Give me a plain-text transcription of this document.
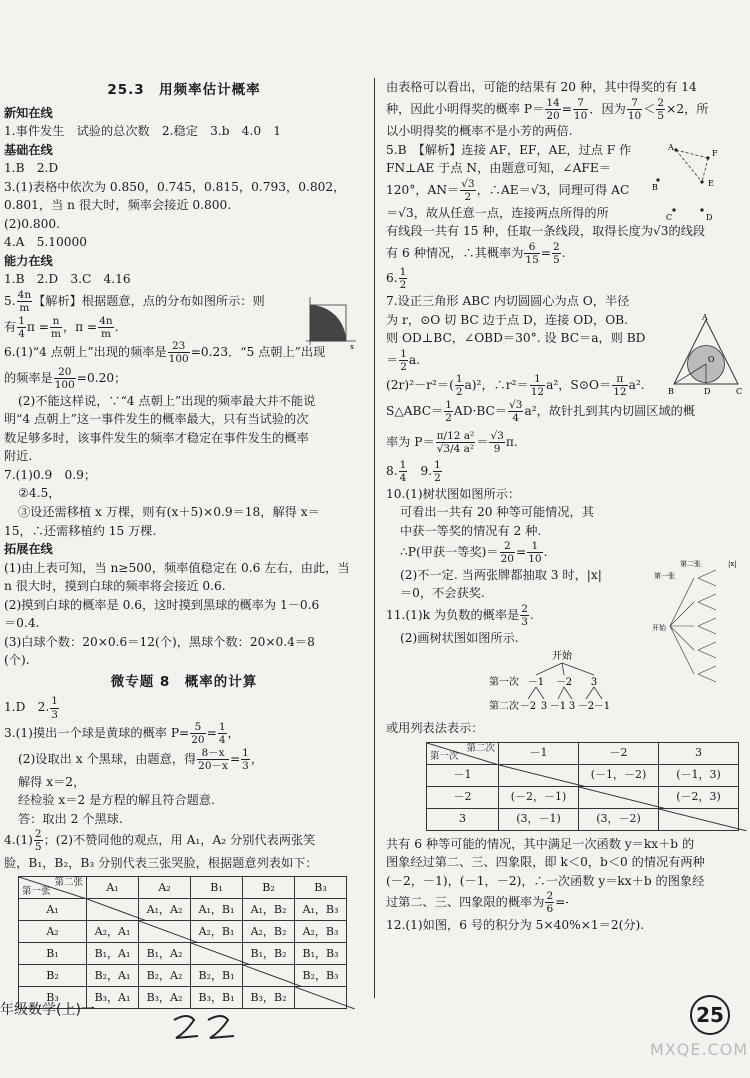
25.3　用频率估计概率
新知在线
1.事件发生　试验的总次数　2.稳定　3.b　4.0　1
基础在线
1.B　2.D
3.(1)表格中依次为 0.850，0.745，0.815，0.793，0.802，
0.801，当 n 很大时，频率会接近 0.800.
(2)0.800.
4.A　5.10000
能力在线
1.B　2.D　3.C　4.16
5. $\frac{4n}{m}$ 【解析】根据题意，点的分布如图所示：则
有 $\frac{1}{4}$ $\pi = \frac{n}{m}$ ，$\pi = \frac{4n}{m}$ .
6.(1)“4 点朝上”出现的频率是 $\frac{23}{100} =0.23$．“5 点朝上”出现
的频率是 $\frac{20}{100} =0.20$；
(2)不能这样说，∵“4 点朝上”出现的频率最大并不能说
明“4 点朝上”这一事件发生的概率最大，只有当试验的次
数足够多时，该事件发生的频率才稳定在事件发生的概率
附近.
7.(1)0.9　0.9；
②4.5，
③设还需移植 x 万棵，则有(x＋5)×0.9＝18，解得 x＝
15，∴还需移植约 15 万棵.
拓展在线
(1)由上表可知，当 n≥500，频率值稳定在 0.6 左右，由此，当
n 很大时，摸到白球的频率将会接近 0.6.
(2)摸到白球的概率是 0.6，这时摸到黑球的概率为 1－0.6
＝0.4.
(3)白球个数：20×0.6＝12(个)，黑球个数：20×0.4＝8
(个).
微专题 8　概率的计算
1.D　2. $\frac{1}{3}$
3.(1)摸出一个球是黄球的概率 $P= \frac{5}{20} = \frac{1}{4}$ ，
(2)设取出 x 个黑球，由题意，得 $\frac{8-x}{20-x} = \frac{1}{3}$ ，
解得 x＝2，
经检验 x＝2 是方程的解且符合题意.
答：取出 2 个黑球.
$4.(1) \frac{2}{5}$ ；(2)不赞同他的观点，用 A₁，A₂ 分别代表两张笑
脸，B₁，B₂，B₃ 分别代表三张哭脸，根据题意列表如下：
第二张
第一张	A₁	A₂	B₁	B₂	B₃
A₁		A₁，A₂	A₁，B₁	A₁，B₂	A₁，B₃
A₂	A₂，A₁		A₂，B₁	A₂，B₂	A₂，B₃
B₁	B₁，A₁	B₁，A₂		B₁，B₂	B₁，B₃
B₂	B₂，A₁	B₂，A₂	B₂，B₁		B₂，B₃
B₃	B₃，A₁	B₃，A₂	B₃，B₁	B₃，B₂	
由表格可以看出，可能的结果有 20 种，其中得奖的有 14
种，因此小明得奖的概率 $P= \frac{14}{20} = \frac{7}{10}$ ．因为 $\frac{7}{10} < \frac{2}{5} \times 2$，所
以小明得奖的概率不是小芳的两倍.
5.B　【解析】连接 AF，EF，AE，过点 F 作
FN⊥AE 于点 N，由题意可知，∠AFE＝
120°，$AN= \frac{√3}{2}$ ，∴AE＝√3，同理可得 AC
＝√3，故从任意一点，连接两点所得的所
有线段一共有 15 种，任取一条线段，取得长度为√3的线段
有 6 种情况，∴其概率为 $\frac{6}{15} = \frac{2}{5}$ .
6. $\frac{1}{2}$
7.设正三角形 ABC 内切圆圆心为点 O，半径
为 r，⊙O 切 BC 边于点 D，连接 OD，OB.
则 OD⊥BC，∠OBD＝30°. 设 BC＝a，则 BD
＝ $\frac{1}{2} a$.
$(2r)^2-r^2=( \frac{1}{2} a)^2$，∴r²＝ $\frac{1}{12} a^2$，S⊙O＝ $\frac{\pi}{12} a^2$.
S△ABC＝ $\frac{1}{2} AD\cdot BC= \frac{√3}{4} a^2$，故针扎到其内切圆区域的概
率为 $P= \frac{\text{π/12 a²}}{\text{√3/4 a²}} = \frac{√3}{9} \pi$.
8. $\frac{1}{4}$
　 9. $\frac{1}{2}$
10.(1)树状图如图所示：
可看出一共有 20 种等可能情况，其
中获一等奖的情况有 2 种.
∴P(甲获一等奖)＝ $\frac{2}{20} = \frac{1}{10}$ .
(2)不一定. 当两张牌都抽取 3 时，|x|
＝0，不会获奖.
11.(1)k 为负数的概率是 $\frac{2}{3}$ .
(2)画树状图如图所示.
开始
第一次
第二次
－1 －2 3
－2 3 －1 3 －2 －1
或用列表法表示：
第二次
第一次	－1	－2	3
－1		(－1，－2)	(－1，3)
－2	(－2，－1)		(－2，3)
3	(3，－1)	(3，－2)	
共有 6 种等可能的情况，其中满足一次函数 y＝kx＋b 的
图象经过第二、三、四象限，即 k＜0，b＜0 的情况有两种
(－2，－1)，(－1，－2)，∴一次函数 y＝kx＋b 的图象经
过第二、三、四象限的概率为 $\frac{2}{6}$ =
12.(1)如图，6 号的积分为 5×40%×1＝2(分).
x
A
F
E
B
C	D
A
O
B	D	C
第二张	|x|
第一张
开始
年级数学(上)一	25
MXQE.COM
